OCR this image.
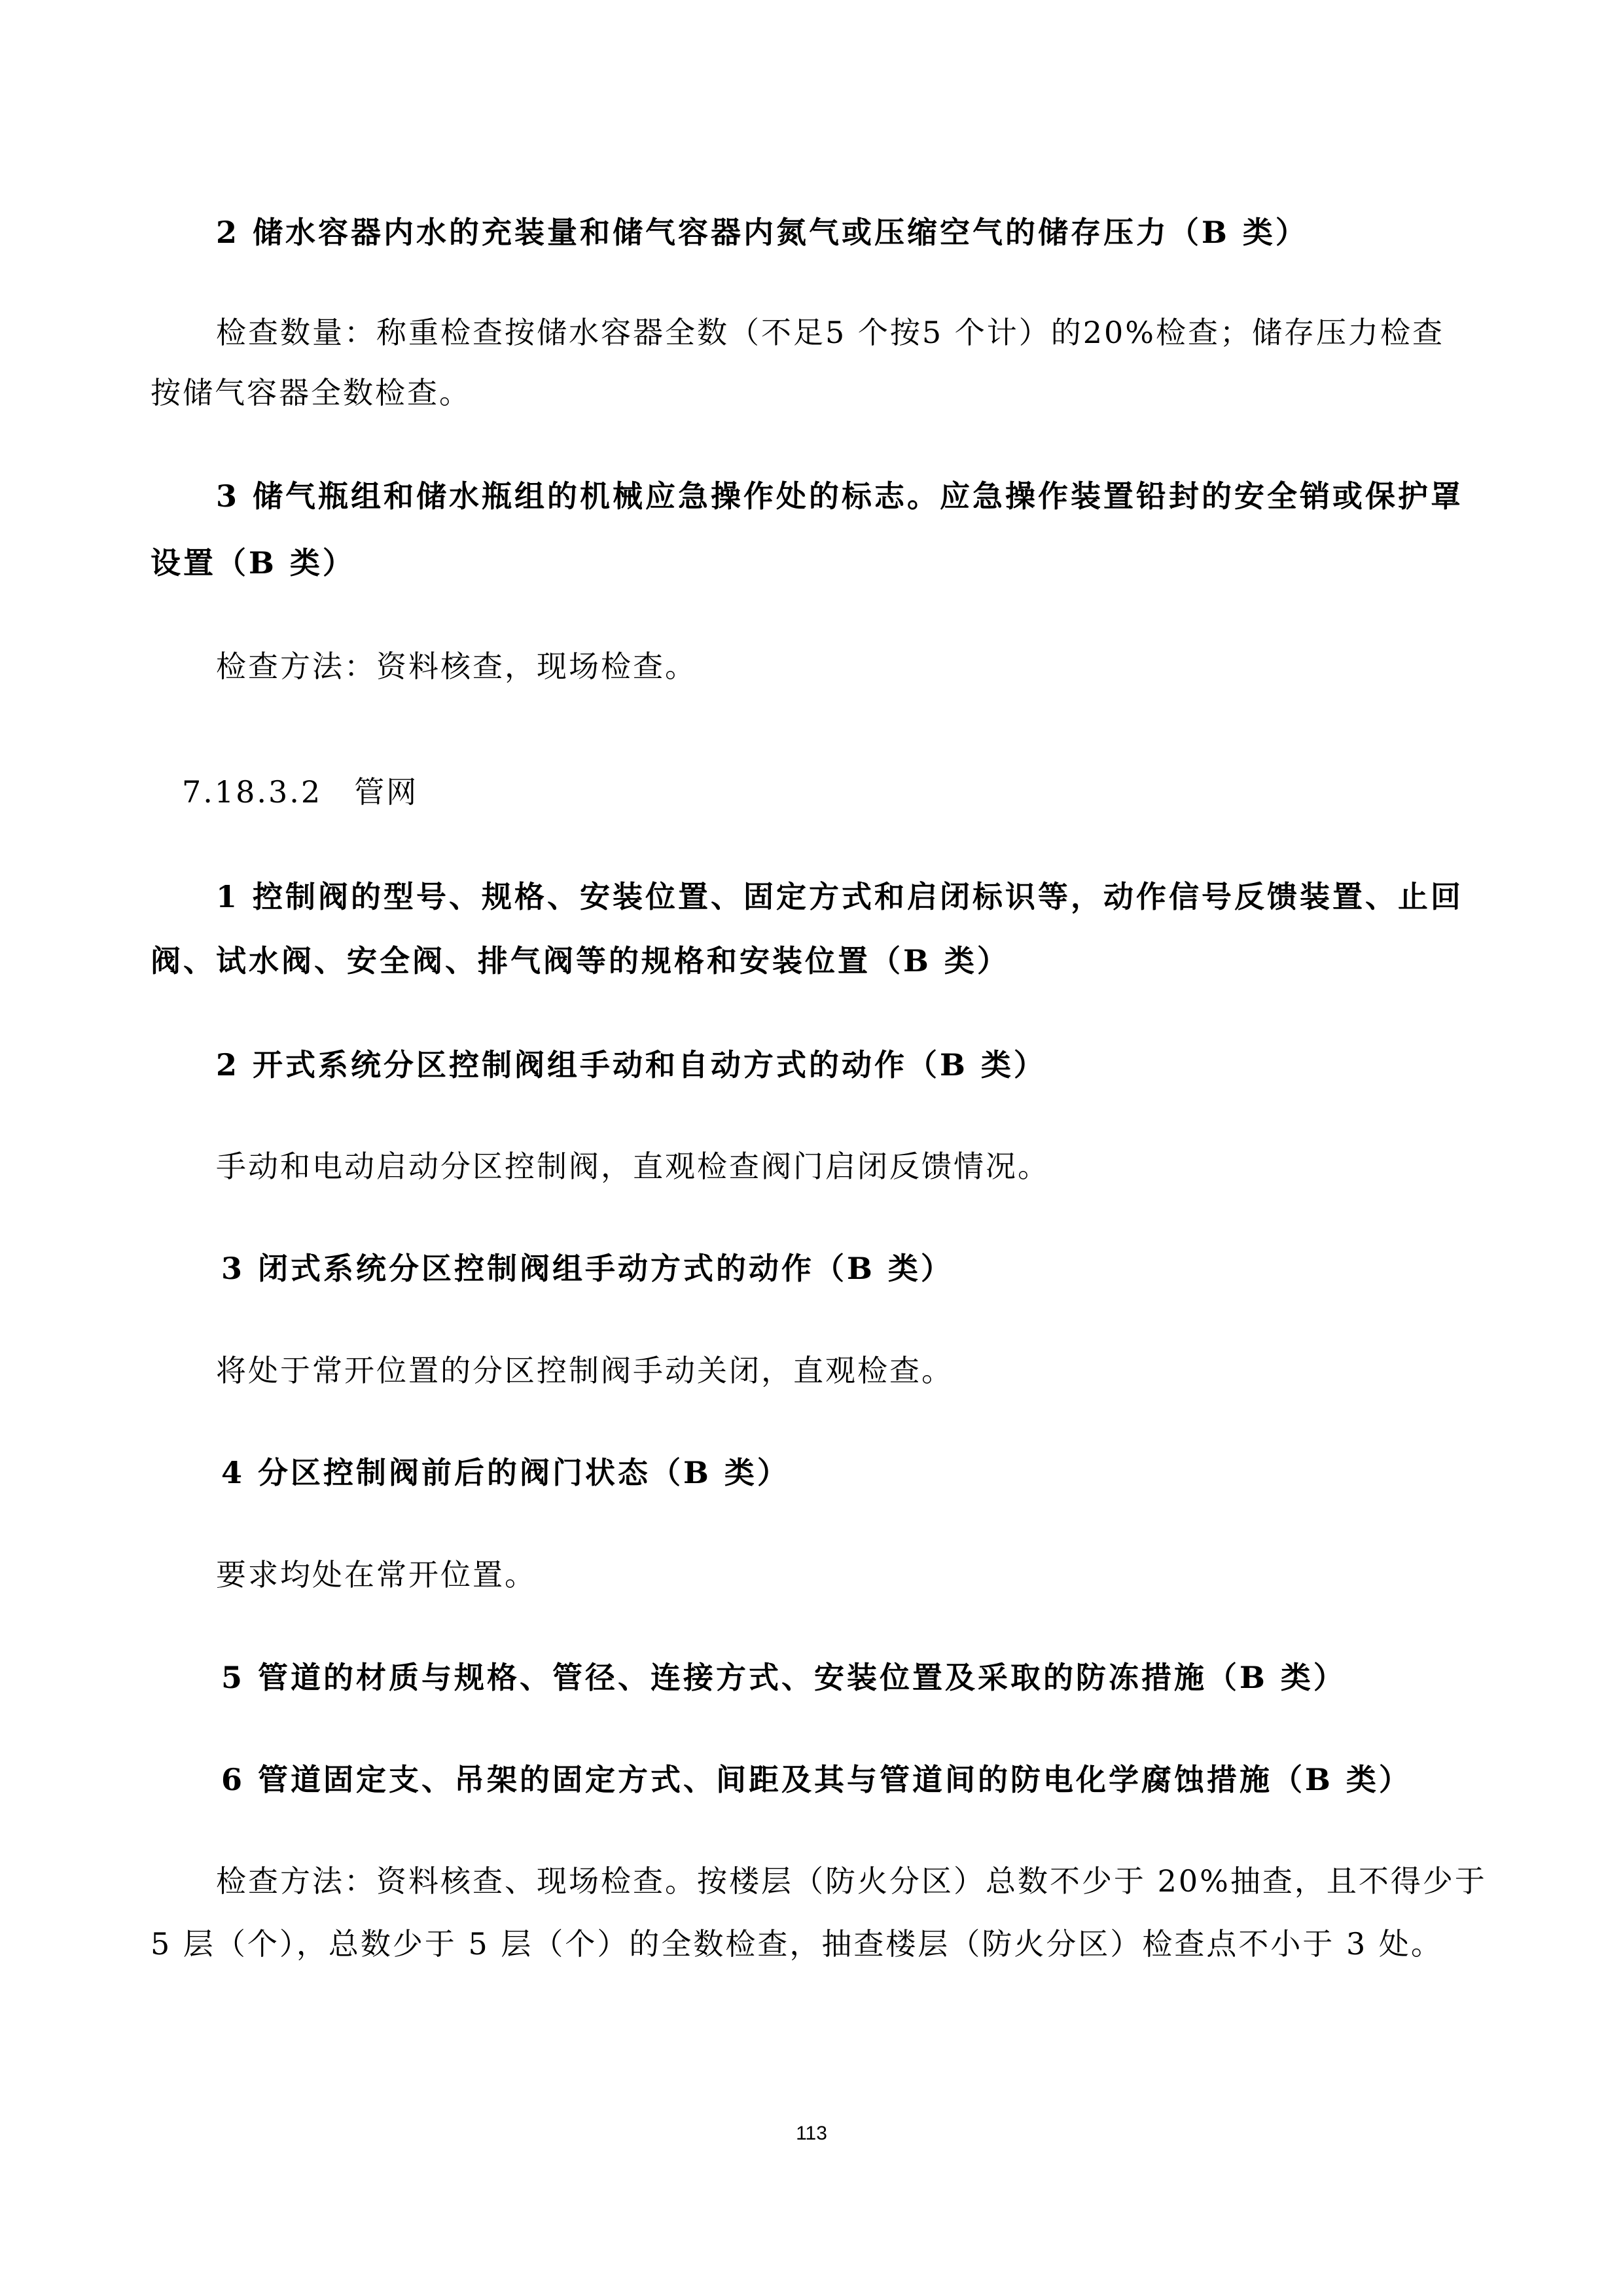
2 储水容器内水的充装量和储气容器内氮气或压缩空气的储存压力（B 类）
检查数量：称重检查按储水容器全数（不足5 个按5 个计）的20%检查；储存压力检查
按储气容器全数检查。
3 储气瓶组和储水瓶组的机械应急操作处的标志。应急操作装置铅封的安全销或保护罩
设置（B 类）
检查方法：资料核查，现场检查。
7.18.3.2　管网
1 控制阀的型号、规格、安装位置、固定方式和启闭标识等，动作信号反馈装置、止回
阀、试水阀、安全阀、排气阀等的规格和安装位置（B 类）
2 开式系统分区控制阀组手动和自动方式的动作（B 类）
手动和电动启动分区控制阀，直观检查阀门启闭反馈情况。
3 闭式系统分区控制阀组手动方式的动作（B 类）
将处于常开位置的分区控制阀手动关闭，直观检查。
4 分区控制阀前后的阀门状态（B 类）
要求均处在常开位置。
5 管道的材质与规格、管径、连接方式、安装位置及采取的防冻措施（B 类）
6 管道固定支、吊架的固定方式、间距及其与管道间的防电化学腐蚀措施（B 类）
检查方法：资料核查、现场检查。按楼层（防火分区）总数不少于 20%抽查，且不得少于
5 层（个），总数少于 5 层（个）的全数检查，抽查楼层（防火分区）检查点不小于 3 处。
113
